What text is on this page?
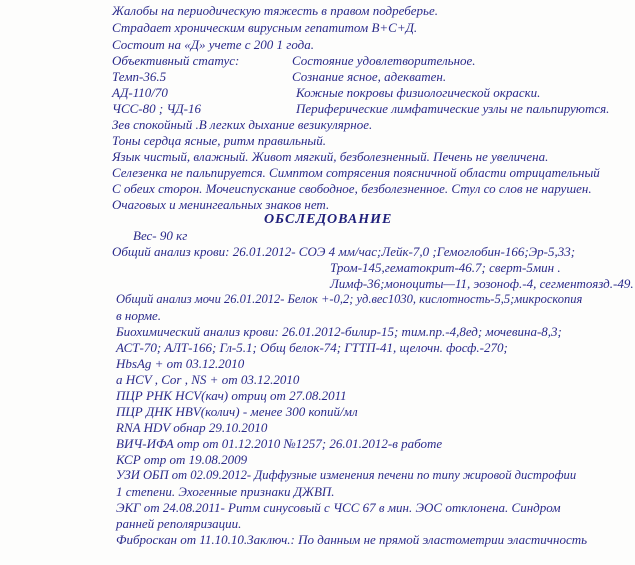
Жалобы на периодическую тяжесть в правом подреберье.
Страдает хроническим вирусным гепатитом В+С+Д.
Состоит на «Д» учете с 200 1 года.
Объективный статус:	Состояние удовлетворительное.
Темп-36.5	Сознание ясное, адекватен.
АД-110/70	Кожные покровы физиологической окраски.
ЧСС-80 ; ЧД-16	Периферические лимфатические узлы не пальпируются.
Зев спокойный .В легких дыхание везикулярное.
Тоны сердца ясные, ритм правильный.
Язык чистый, влажный. Живот мягкий, безболезненный. Печень не увеличена.
Селезенка не пальпируется. Симптом сотрясения поясничной области отрицательный
С обеих сторон. Мочеиспускание свободное, безболезненное. Стул со слов не нарушен.
Очаговых и менингеальных знаков нет.
ОБСЛЕДОВАНИЕ
Вес- 90 кг
Общий анализ крови: 26.01.2012- СОЭ 4 мм/час;Лейк-7,0 ;Гемоглобин-166;Эр-5,33;
Тром-145,гематокрит-46.7; сверт-5мин .
Лимф-36;моноциты—11, эозоноф.-4, сегментоязд.-49.
Общий анализ мочи 26.01.2012- Белок +-0,2; уд.вес1030, кислотность-5,5;микроскопия
в норме.
Биохимический анализ крови: 26.01.2012-билир-15; тим.пр.-4,8ед; мочевина-8,3;
АСТ-70; АЛТ-166; Гл-5.1; Общ белок-74; ГТТП-41, щелочн. фосф.-270;
HbsAg + от 03.12.2010
a HCV , Cor , NS + от 03.12.2010
ПЦР РНК HCV(кач) отриц от 27.08.2011
ПЦР ДНК HBV(колич) - менее 300 копий/мл
RNA HDV обнар 29.10.2010
ВИЧ-ИФА отр от 01.12.2010 №1257; 26.01.2012-в работе
КСР отр от 19.08.2009
УЗИ ОБП от 02.09.2012- Диффузные изменения печени по типу жировой дистрофии
1 степени. Эхогенные признаки ДЖВП.
ЭКГ от 24.08.2011- Ритм синусовый с ЧСС 67 в мин. ЭОС отклонена. Синдром
ранней реполяризации.
Фиброскан от 11.10.10.Заключ.: По данным не прямой эластометрии эластичность
